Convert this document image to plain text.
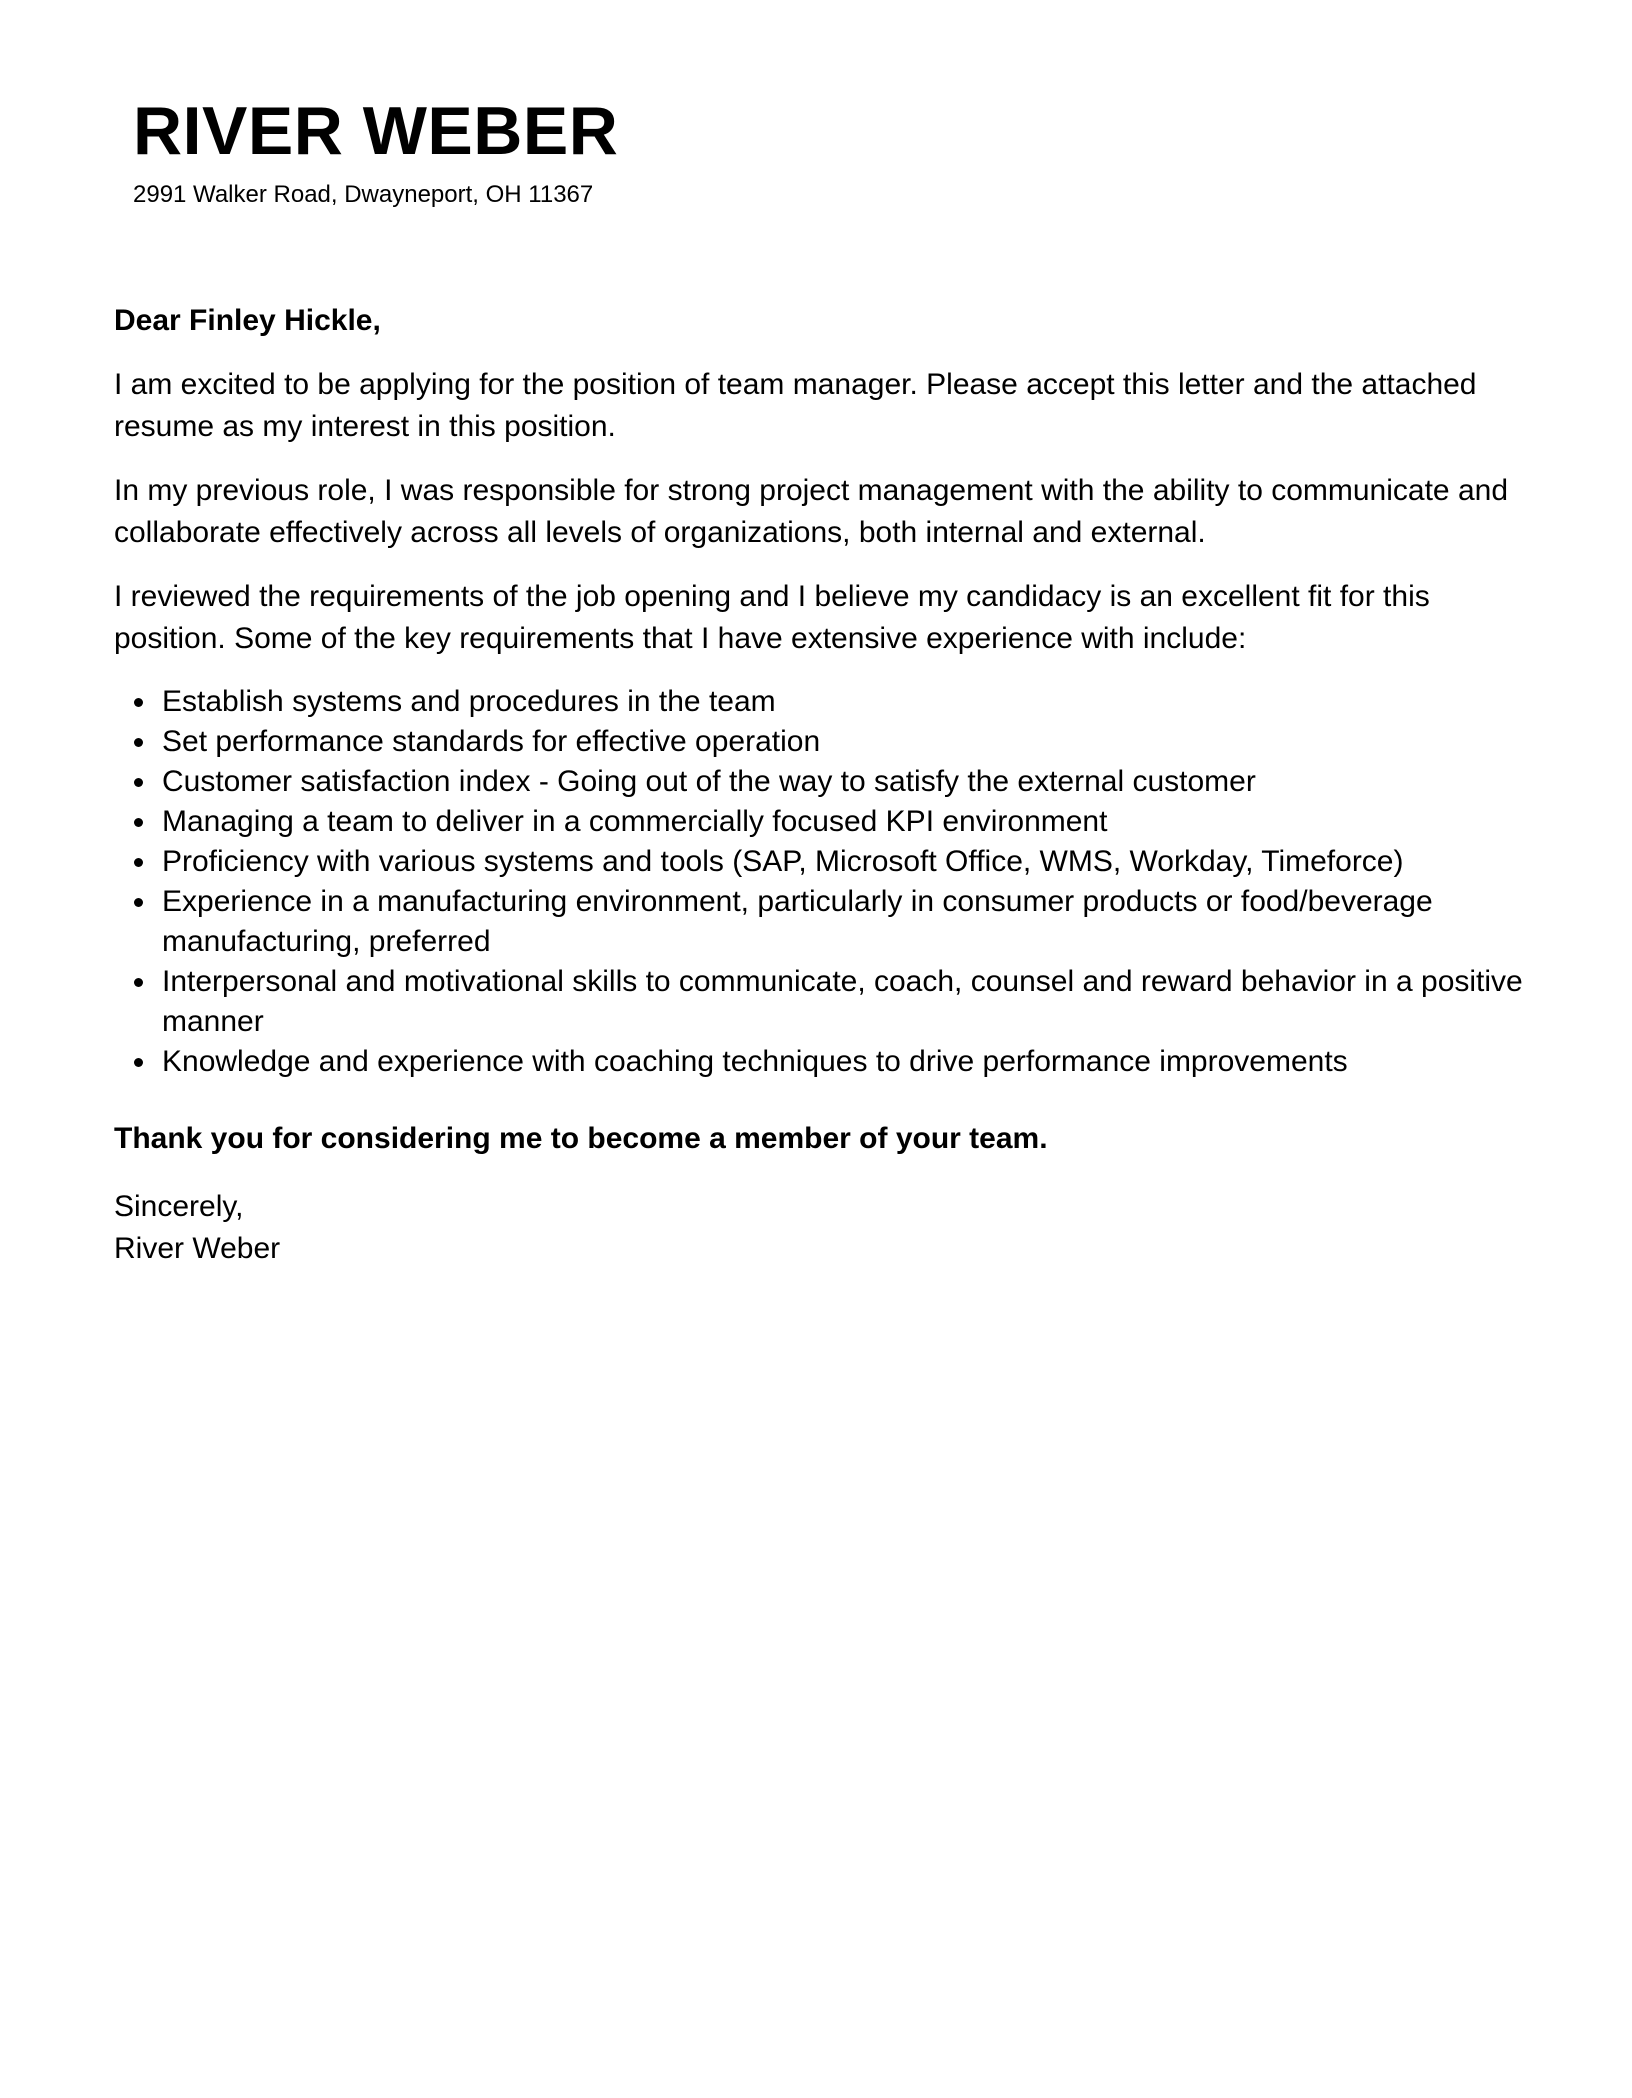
RIVER WEBER
2991 Walker Road, Dwayneport, OH 11367

Dear Finley Hickle,

I am excited to be applying for the position of team manager. Please accept this letter and the attached resume as my interest in this position.

In my previous role, I was responsible for strong project management with the ability to communicate and collaborate effectively across all levels of organizations, both internal and external.

I reviewed the requirements of the job opening and I believe my candidacy is an excellent fit for this position. Some of the key requirements that I have extensive experience with include:

Establish systems and procedures in the team
Set performance standards for effective operation
Customer satisfaction index - Going out of the way to satisfy the external customer
Managing a team to deliver in a commercially focused KPI environment
Proficiency with various systems and tools (SAP, Microsoft Office, WMS, Workday, Timeforce)
Experience in a manufacturing environment, particularly in consumer products or food/beverage manufacturing, preferred
Interpersonal and motivational skills to communicate, coach, counsel and reward behavior in a positive manner
Knowledge and experience with coaching techniques to drive performance improvements

Thank you for considering me to become a member of your team.

Sincerely,

River Weber
